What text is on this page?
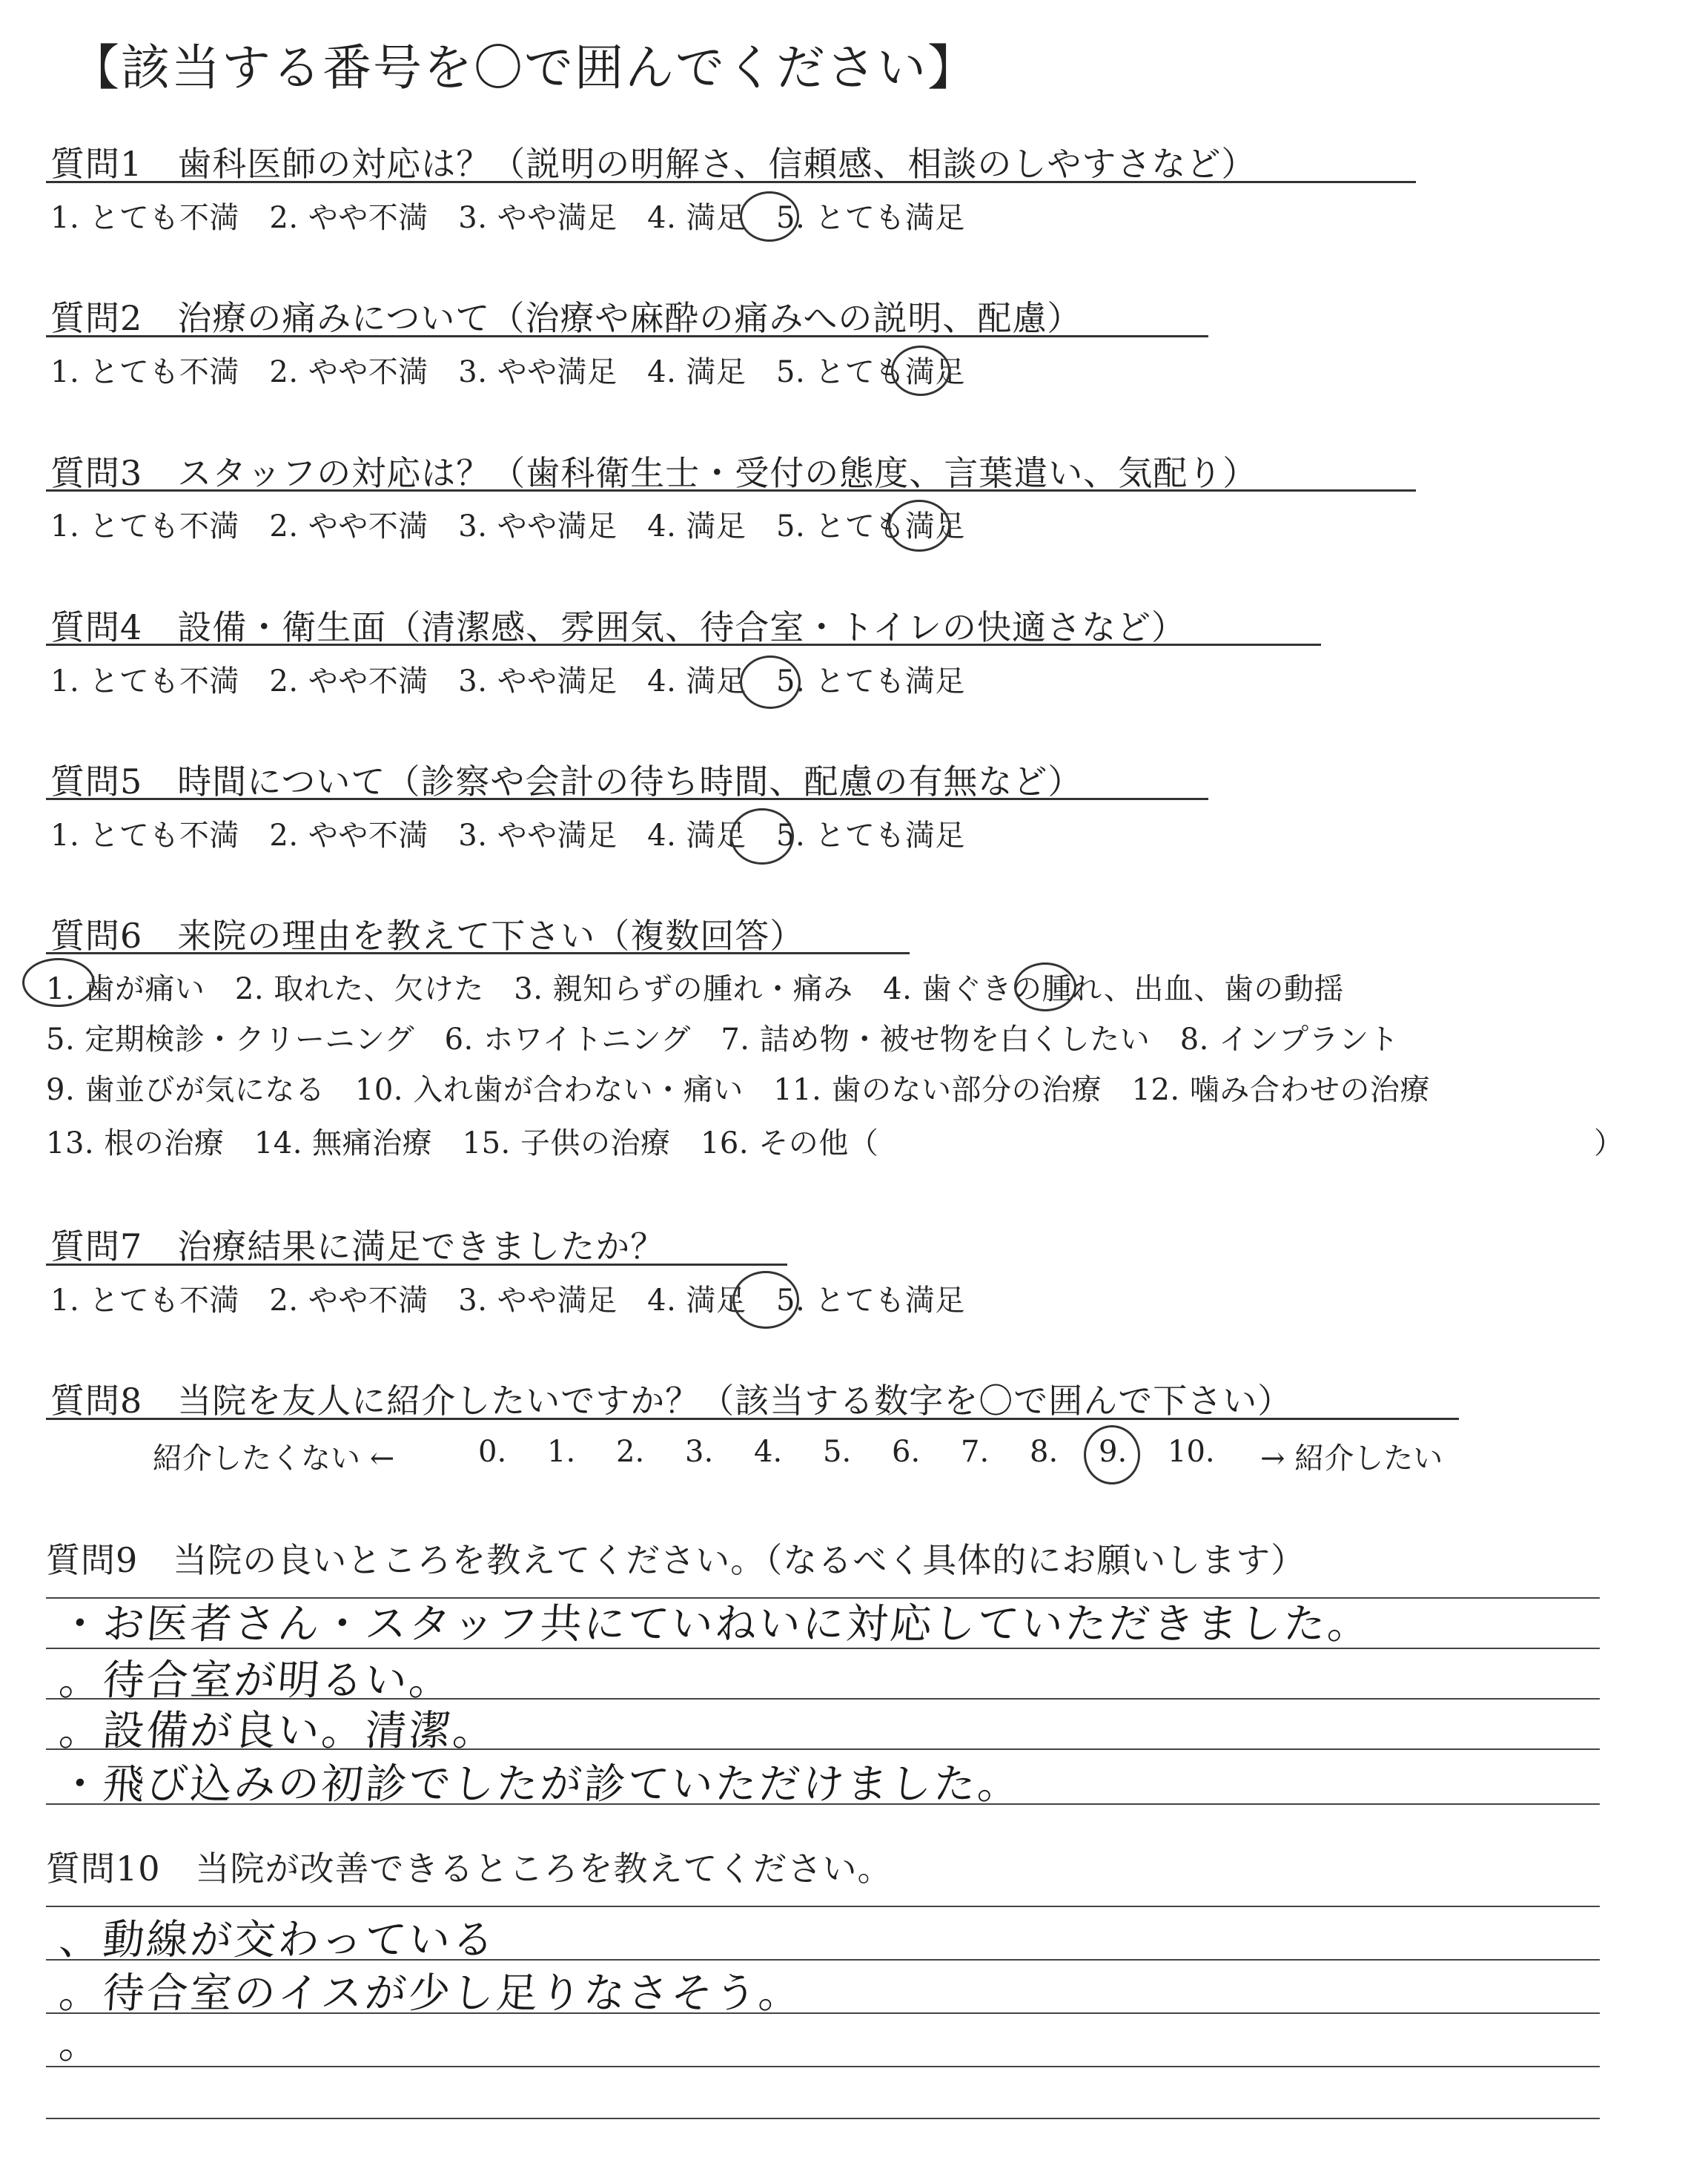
【該当する番号を〇で囲んでください】
質問1　歯科医師の対応は？（説明の明解さ、信頼感、相談のしやすさなど）
1. とても不満　2. やや不満　3. やや満足　4. 満足　5. とても満足
質問2　治療の痛みについて（治療や麻酔の痛みへの説明、配慮）
1. とても不満　2. やや不満　3. やや満足　4. 満足　5. とても満足
質問3　スタッフの対応は？（歯科衛生士・受付の態度、言葉遣い、気配り）
1. とても不満　2. やや不満　3. やや満足　4. 満足　5. とても満足
質問4　設備・衛生面（清潔感、雰囲気、待合室・トイレの快適さなど）
1. とても不満　2. やや不満　3. やや満足　4. 満足　5. とても満足
質問5　時間について（診察や会計の待ち時間、配慮の有無など）
1. とても不満　2. やや不満　3. やや満足　4. 満足　5. とても満足
質問6　来院の理由を教えて下さい（複数回答）
1. 歯が痛い　2. 取れた、欠けた　3. 親知らずの腫れ・痛み　4. 歯ぐきの腫れ、出血、歯の動揺
5. 定期検診・クリーニング　6. ホワイトニング　7. 詰め物・被せ物を白くしたい　8. インプラント
9. 歯並びが気になる　10. 入れ歯が合わない・痛い　11. 歯のない部分の治療　12. 噛み合わせの治療
13. 根の治療　14. 無痛治療　15. 子供の治療　16. その他（	）
質問7　治療結果に満足できましたか？
1. とても不満　2. やや不満　3. やや満足　4. 満足　5. とても満足
質問8　当院を友人に紹介したいですか？（該当する数字を〇で囲んで下さい）
紹介したくない ←	0. 1. 2. 3. 4. 5. 6. 7. 8. 9. 10. → 紹介したい
質問9　当院の良いところを教えてください。（なるべく具体的にお願いします）
・お医者さん・スタッフ共にていねいに対応していただきました。
。待合室が明るい。
。設備が良い。清潔。
・飛び込みの初診でしたが診ていただけました。
質問10　当院が改善できるところを教えてください。
、動線が交わっている
。待合室のイスが少し足りなさそう。
。
